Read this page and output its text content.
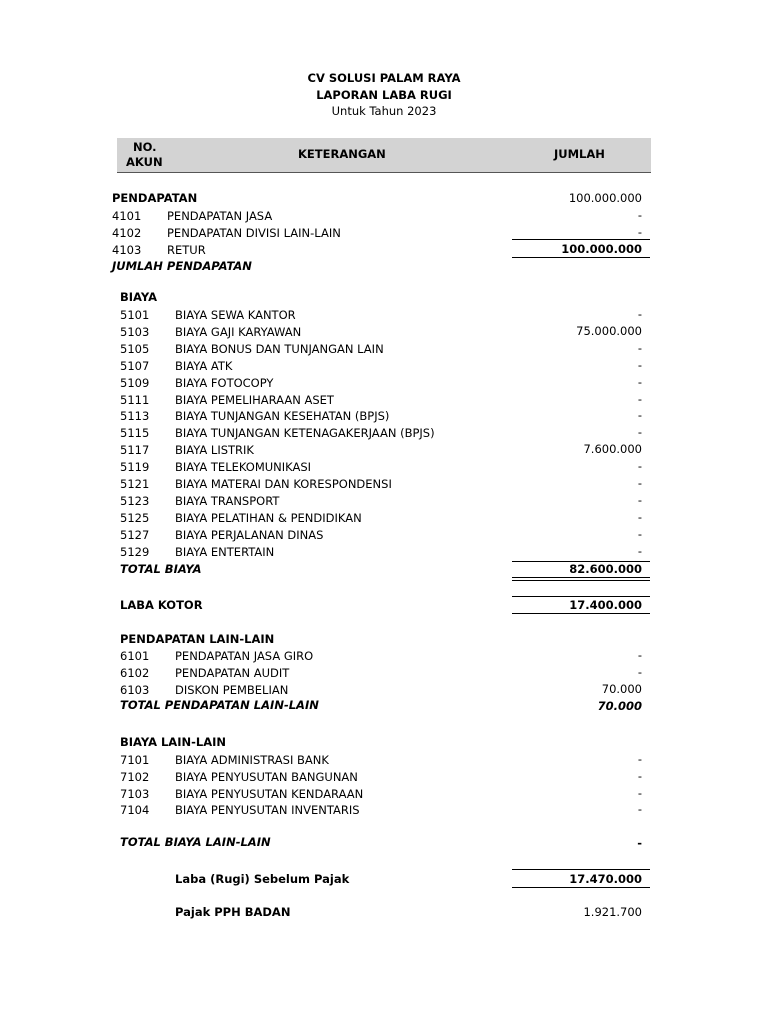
CV SOLUSI PALAM RAYA
LAPORAN LABA RUGI
Untuk Tahun 2023
NO.
AKUN
KETERANGAN	JUMLAH
PENDAPATAN	100.000.000
4101 PENDAPATAN JASA	-
4102 PENDAPATAN DIVISI LAIN-LAIN	-
4103 RETUR	100.000.000
JUMLAH PENDAPATAN
BIAYA
5101 BIAYA SEWA KANTOR	-
5103 BIAYA GAJI KARYAWAN	75.000.000
5105 BIAYA BONUS DAN TUNJANGAN LAIN	-
5107 BIAYA ATK	-
5109 BIAYA FOTOCOPY	-
5111 BIAYA PEMELIHARAAN ASET	-
5113 BIAYA TUNJANGAN KESEHATAN (BPJS)	-
5115 BIAYA TUNJANGAN KETENAGAKERJAAN (BPJS)	-
5117 BIAYA LISTRIK	7.600.000
5119 BIAYA TELEKOMUNIKASI	-
5121 BIAYA MATERAI DAN KORESPONDENSI	-
5123 BIAYA TRANSPORT	-
5125 BIAYA PELATIHAN & PENDIDIKAN	-
5127 BIAYA PERJALANAN DINAS	-
5129 BIAYA ENTERTAIN	-
TOTAL BIAYA	82.600.000
LABA KOTOR	17.400.000
PENDAPATAN LAIN-LAIN
6101 PENDAPATAN JASA GIRO	-
6102 PENDAPATAN AUDIT	-
6103 DISKON PEMBELIAN	70.000
TOTAL PENDAPATAN LAIN-LAIN	70.000
BIAYA LAIN-LAIN
7101 BIAYA ADMINISTRASI BANK	-
7102 BIAYA PENYUSUTAN BANGUNAN	-
7103 BIAYA PENYUSUTAN KENDARAAN	-
7104 BIAYA PENYUSUTAN INVENTARIS	-
TOTAL BIAYA LAIN-LAIN	-
Laba (Rugi) Sebelum Pajak	17.470.000
Pajak PPH BADAN	1.921.700
